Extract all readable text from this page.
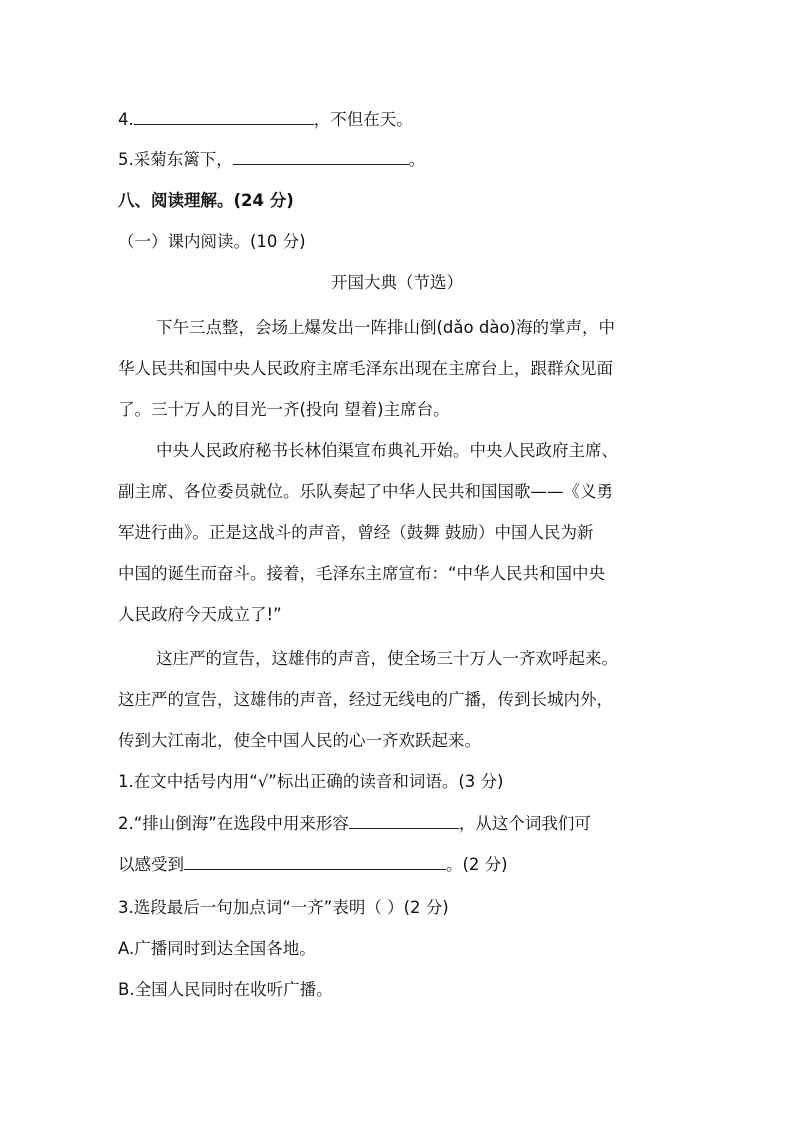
4.	，不但在天。
5.采菊东篱下，	。
八、阅读理解。(24 分)
（一）课内阅读。(10 分)
开国大典（节选）
下午三点整，会场上爆发出一阵排山倒(dǎo dào)海的掌声，中
华人民共和国中央人民政府主席毛泽东出现在主席台上，跟群众见面
了。三十万人的目光一齐(投向 望着)主席台。
中央人民政府秘书长林伯渠宣布典礼开始。中央人民政府主席、
副主席、各位委员就位。乐队奏起了中华人民共和国国歌——《义勇
军进行曲》。正是这战斗的声音，曾经（鼓舞 鼓励）中国人民为新
中国的诞生而奋斗。接着，毛泽东主席宣布：“中华人民共和国中央
人民政府今天成立了!”
这庄严的宣告，这雄伟的声音，使全场三十万人一齐欢呼起来。
这庄严的宣告，这雄伟的声音，经过无线电的广播，传到长城内外，
传到大江南北，使全中国人民的心一齐欢跃起来。
1.在文中括号内用“√”标出正确的读音和词语。(3 分)
2.“排山倒海”在选段中用来形容	，从这个词我们可
以感受到	。(2 分)
3.选段最后一句加点词“一齐”表明（ ）(2 分)
A.广播同时到达全国各地。
B.全国人民同时在收听广播。
